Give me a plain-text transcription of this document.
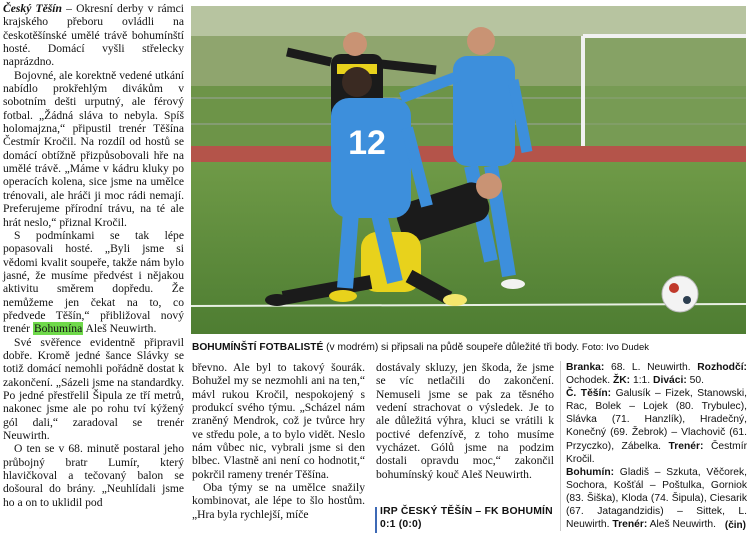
Český Těšín – Okresní derby v rámci krajského přeboru ovládli na českotěšínské umělé trávě bohumínští hosté. Domácí vyšli střelecky naprázdno.

Bojovné, ale korektně vedené utkání nabídlo prokřehlým divákům v sobotním dešti urputný, ale férový fotbal. „Žádná sláva to nebyla. Spíš holomajzna,“ připustil trenér Těšína Čestmír Kročil. Na rozdíl od hostů se domácí obtížně přizpůsobovali hře na umělé trávě. „Máme v kádru kluky po operacích kolena, sice jsme na umělce trénovali, ale hráči ji moc rádi nemají. Preferujeme přírodní trávu, na té ale hrát neslo,“ přiznal Kročil.

S podmínkami se tak lépe popasovali hosté. „Byli jsme si vědomi kvalit soupeře, takže nám bylo jasné, že musíme předvést i nějakou aktivitu směrem dopředu. Že nemůžeme jen čekat na to, co předvede Těšín,“ přibližoval nový trenér Bohumína Aleš Neuwirth.

Své svěřence evidentně připravil dobře. Kromě jedné šance Slávky se totiž domácí nemohli pořádně dostat k zakončení. „Sázeli jsme na standardky. Po jedné přestřelil Šipula ze tří metrů, nakonec jsme ale po rohu tví kýžený gól dali,“ zaradoval se trenér Neuwirth.

O ten se v 68. minutě postaral jeho průbojný bratr Lumír, který hlavičkoval a tečovaný balon se došoural do brány. „Neuhlídali jsme ho a on to uklidil pod

12
BOHUMÍNŠTÍ FOTBALISTÉ (v modrém) si připsali na půdě soupeře důležité tři body. Foto: Ivo Dudek

břevno. Ale byl to takový šourák. Bohužel my se nezmohli ani na ten,“ mávl rukou Kročil, nespokojený s produkcí svého týmu. „Scházel nám zraněný Mendrok, což je tvůrce hry ve středu pole, a to bylo vidět. Neslo nám vůbec nic, vybrali jsme si den blbec. Vlastně ani není co hodnotit,“ pokrčil rameny trenér Těšína.

Oba týmy se na umělce snažily kombinovat, ale lépe to šlo hostům. „Hra byla rychlejší, míče

dostávaly skluzy, jen škoda, že jsme se víc netlačili do zakončení. Nemuseli jsme se pak za těsného vedení strachovat o výsledek. Je to ale důležitá výhra, kluci se vrátili k poctivé defenzívě, z toho musíme vycházet. Gólů jsme na podzim dostali opravdu moc,“ zakončil bohumínský kouč Aleš Neuwirth.

IRP ČESKÝ TĚŠÍN – FK BOHUMÍN 0:1 (0:0)

Branka: 68. L. Neuwirth. Rozhodčí: Ochodek. ŽK: 1:1. Diváci: 50.

Č. Těšín: Galusík – Fizek, Stanowski, Rac, Bolek – Lojek (80. Trybulec), Slávka (71. Hanzlík), Hradečný, Konečný (69. Žebrok) – Vlachovič (61. Przyczko), Zábelka. Trenér: Čestmír Kročil.

Bohumín: Gladiš – Szkuta, Věčorek, Sochora, Košťál – Poštulka, Gorniok (83. Šiška), Kloda (74. Šipula), Ciesarik (67. Jatagandzidis) – Sittek, L. Neuwirth. Trenér: Aleš Neuwirth. (čin)
